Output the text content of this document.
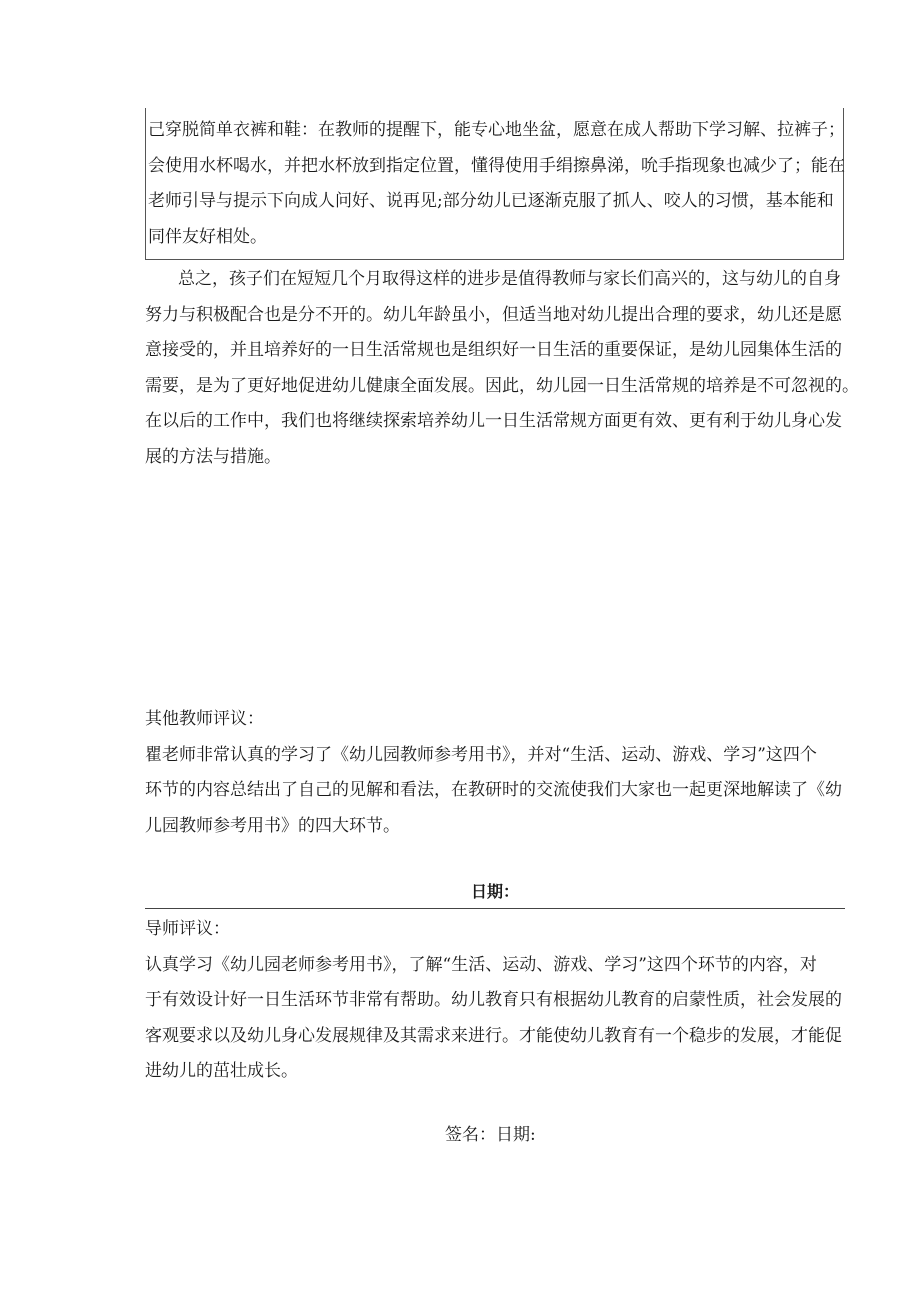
己穿脱简单衣裤和鞋：在教师的提醒下，能专心地坐盆，愿意在成人帮助下学习解、拉裤子；
会使用水杯喝水，并把水杯放到指定位置，懂得使用手绢擦鼻涕，吮手指现象也减少了；能在
老师引导与提示下向成人问好、说再见;部分幼儿已逐渐克服了抓人、咬人的习惯，基本能和
同伴友好相处。
总之，孩子们在短短几个月取得这样的进步是值得教师与家长们高兴的，这与幼儿的自身
努力与积极配合也是分不开的。幼儿年龄虽小，但适当地对幼儿提出合理的要求，幼儿还是愿
意接受的，并且培养好的一日生活常规也是组织好一日生活的重要保证，是幼儿园集体生活的
需要，是为了更好地促进幼儿健康全面发展。因此，幼儿园一日生活常规的培养是不可忽视的。
在以后的工作中，我们也将继续探索培养幼儿一日生活常规方面更有效、更有利于幼儿身心发
展的方法与措施。
其他教师评议：
瞿老师非常认真的学习了《幼儿园教师参考用书》，并对“生活、运动、游戏、学习”这四个
环节的内容总结出了自己的见解和看法，在教研时的交流使我们大家也一起更深地解读了《幼
儿园教师参考用书》的四大环节。
日期：
导师评议：
认真学习《幼儿园老师参考用书》，了解“生活、运动、游戏、学习”这四个环节的内容，对
于有效设计好一日生活环节非常有帮助。幼儿教育只有根据幼儿教育的启蒙性质，社会发展的
客观要求以及幼儿身心发展规律及其需求来进行。才能使幼儿教育有一个稳步的发展，才能促
进幼儿的茁壮成长。
签名：日期:
